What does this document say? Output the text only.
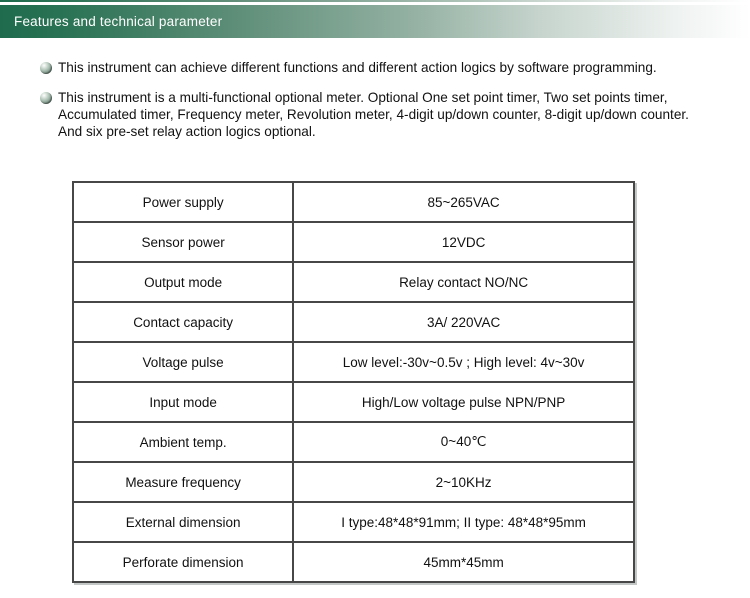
Features and technical parameter
This instrument can achieve different functions and different action logics by software programming.
This instrument is a multi-functional optional meter. Optional One set point timer, Two set points timer, Accumulated timer, Frequency meter, Revolution meter, 4-digit up/down counter, 8-digit up/down counter. And six pre-set relay action logics optional.
Power supply	85~265VAC
Sensor power	12VDC
Output mode	Relay contact NO/NC
Contact capacity	3A/ 220VAC
Voltage pulse	Low level:-30v~0.5v ; High level: 4v~30v
Input mode	High/Low voltage pulse NPN/PNP
Ambient temp.	0~40℃
Measure frequency	2~10KHz
External dimension	I type:48*48*91mm; II type: 48*48*95mm
Perforate dimension	45mm*45mm
